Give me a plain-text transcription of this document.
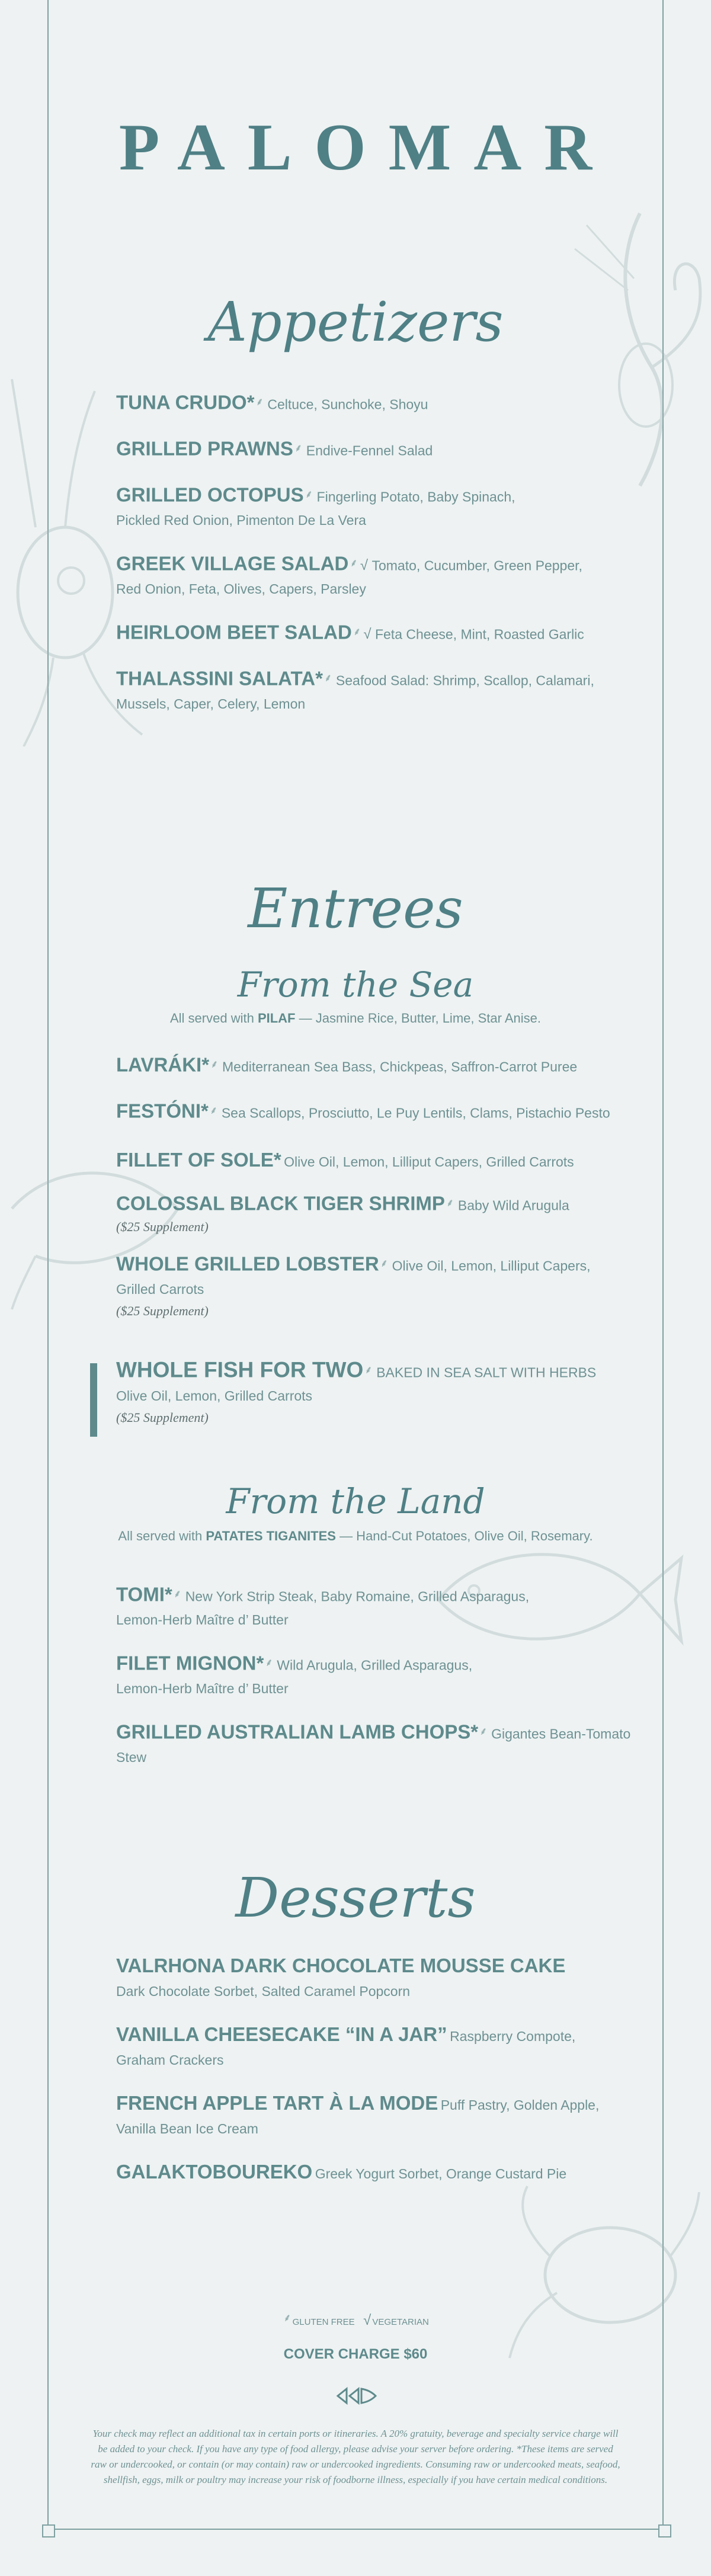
PALOMAR
Appetizers
TUNA CRUDO* ⸙ Celtuce, Sunchoke, Shoyu
GRILLED PRAWNS ⸙ Endive-Fennel Salad
GRILLED OCTOPUS ⸙ Fingerling Potato, Baby Spinach,
Pickled Red Onion, Pimenton De La Vera
GREEK VILLAGE SALAD ⸙ √ Tomato, Cucumber, Green Pepper,
Red Onion, Feta, Olives, Capers, Parsley
HEIRLOOM BEET SALAD ⸙ √ Feta Cheese, Mint, Roasted Garlic
THALASSINI SALATA* ⸙ Seafood Salad: Shrimp, Scallop, Calamari,
Mussels, Caper, Celery, Lemon
Entrees
From the Sea
All served with PILAF — Jasmine Rice, Butter, Lime, Star Anise.
LAVRÁKI* ⸙ Mediterranean Sea Bass, Chickpeas, Saffron-Carrot Puree
FESTÓNI* ⸙ Sea Scallops, Prosciutto, Le Puy Lentils, Clams, Pistachio Pesto
FILLET OF SOLE* Olive Oil, Lemon, Lilliput Capers, Grilled Carrots
COLOSSAL BLACK TIGER SHRIMP ⸙ Baby Wild Arugula
($25 Supplement)
WHOLE GRILLED LOBSTER ⸙ Olive Oil, Lemon, Lilliput Capers,
Grilled Carrots
($25 Supplement)
WHOLE FISH FOR TWO ⸙ BAKED IN SEA SALT WITH HERBS
Olive Oil, Lemon, Grilled Carrots
($25 Supplement)
From the Land
All served with PATATES TIGANITES — Hand-Cut Potatoes, Olive Oil, Rosemary.
TOMI* ⸙ New York Strip Steak, Baby Romaine, Grilled Asparagus,
Lemon-Herb Maître d’ Butter
FILET MIGNON* ⸙ Wild Arugula, Grilled Asparagus,
Lemon-Herb Maître d’ Butter
GRILLED AUSTRALIAN LAMB CHOPS* ⸙ Gigantes Bean-Tomato Stew
Desserts
VALRHONA DARK CHOCOLATE MOUSSE CAKE
Dark Chocolate Sorbet, Salted Caramel Popcorn
VANILLA CHEESECAKE “IN A JAR” Raspberry Compote,
Graham Crackers
FRENCH APPLE TART À LA MODE Puff Pastry, Golden Apple,
Vanilla Bean Ice Cream
GALAKTOBOUREKO Greek Yogurt Sorbet, Orange Custard Pie
⸙ GLUTEN FREE √ VEGETARIAN
COVER CHARGE $60
Your check may reflect an additional tax in certain ports or itineraries. A 20% gratuity, beverage and specialty service charge will be added to your check. If you have any type of food allergy, please advise your server before ordering. *These items are served raw or undercooked, or contain (or may contain) raw or undercooked ingredients. Consuming raw or undercooked meats, seafood, shellfish, eggs, milk or poultry may increase your risk of foodborne illness, especially if you have certain medical conditions.
